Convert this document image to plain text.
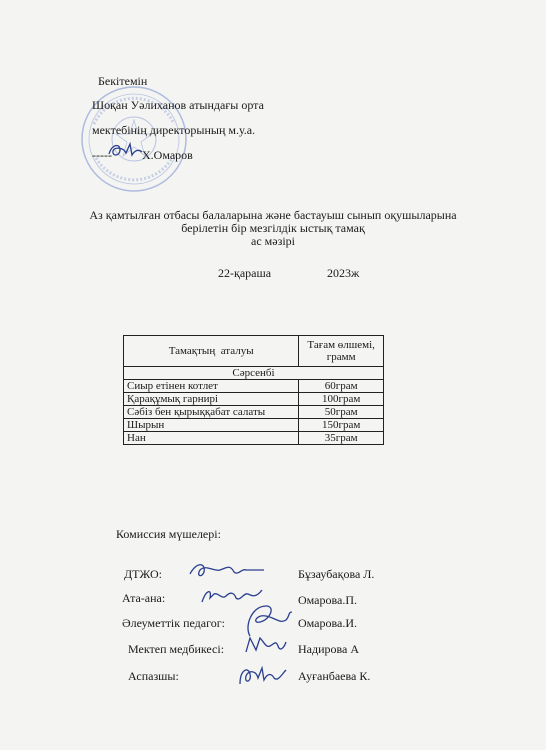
Бекітемін
Шоқан Уәлиханов атындағы орта
мектебінің директорының м.у.а.
-----	Х.Омаров
Аз қамтылған отбасы балаларына және бастауыш сынып оқушыларына
берілетін бір мезгілдік ыстық тамақ
ас мәзірі
22-қараша	2023ж
Тамақтың  аталуы	Тағам өлшемі, грамм
Сәрсенбі	
Сиыр етінен котлет	60грам
Қарақұмық гарнирі	100грам
Сәбіз бен қырыққабат салаты	50грам
Шырын	150грам
Нан	35грам
Комиссия мүшелері:
ДТЖО:	Бұзаубақова Л.
Ата-ана:	Омарова.П.
Әлеуметтік педагог:	Омарова.И.
Мектеп медбикесі:	Надирова А
Аспазшы:	Ауғанбаева К.
